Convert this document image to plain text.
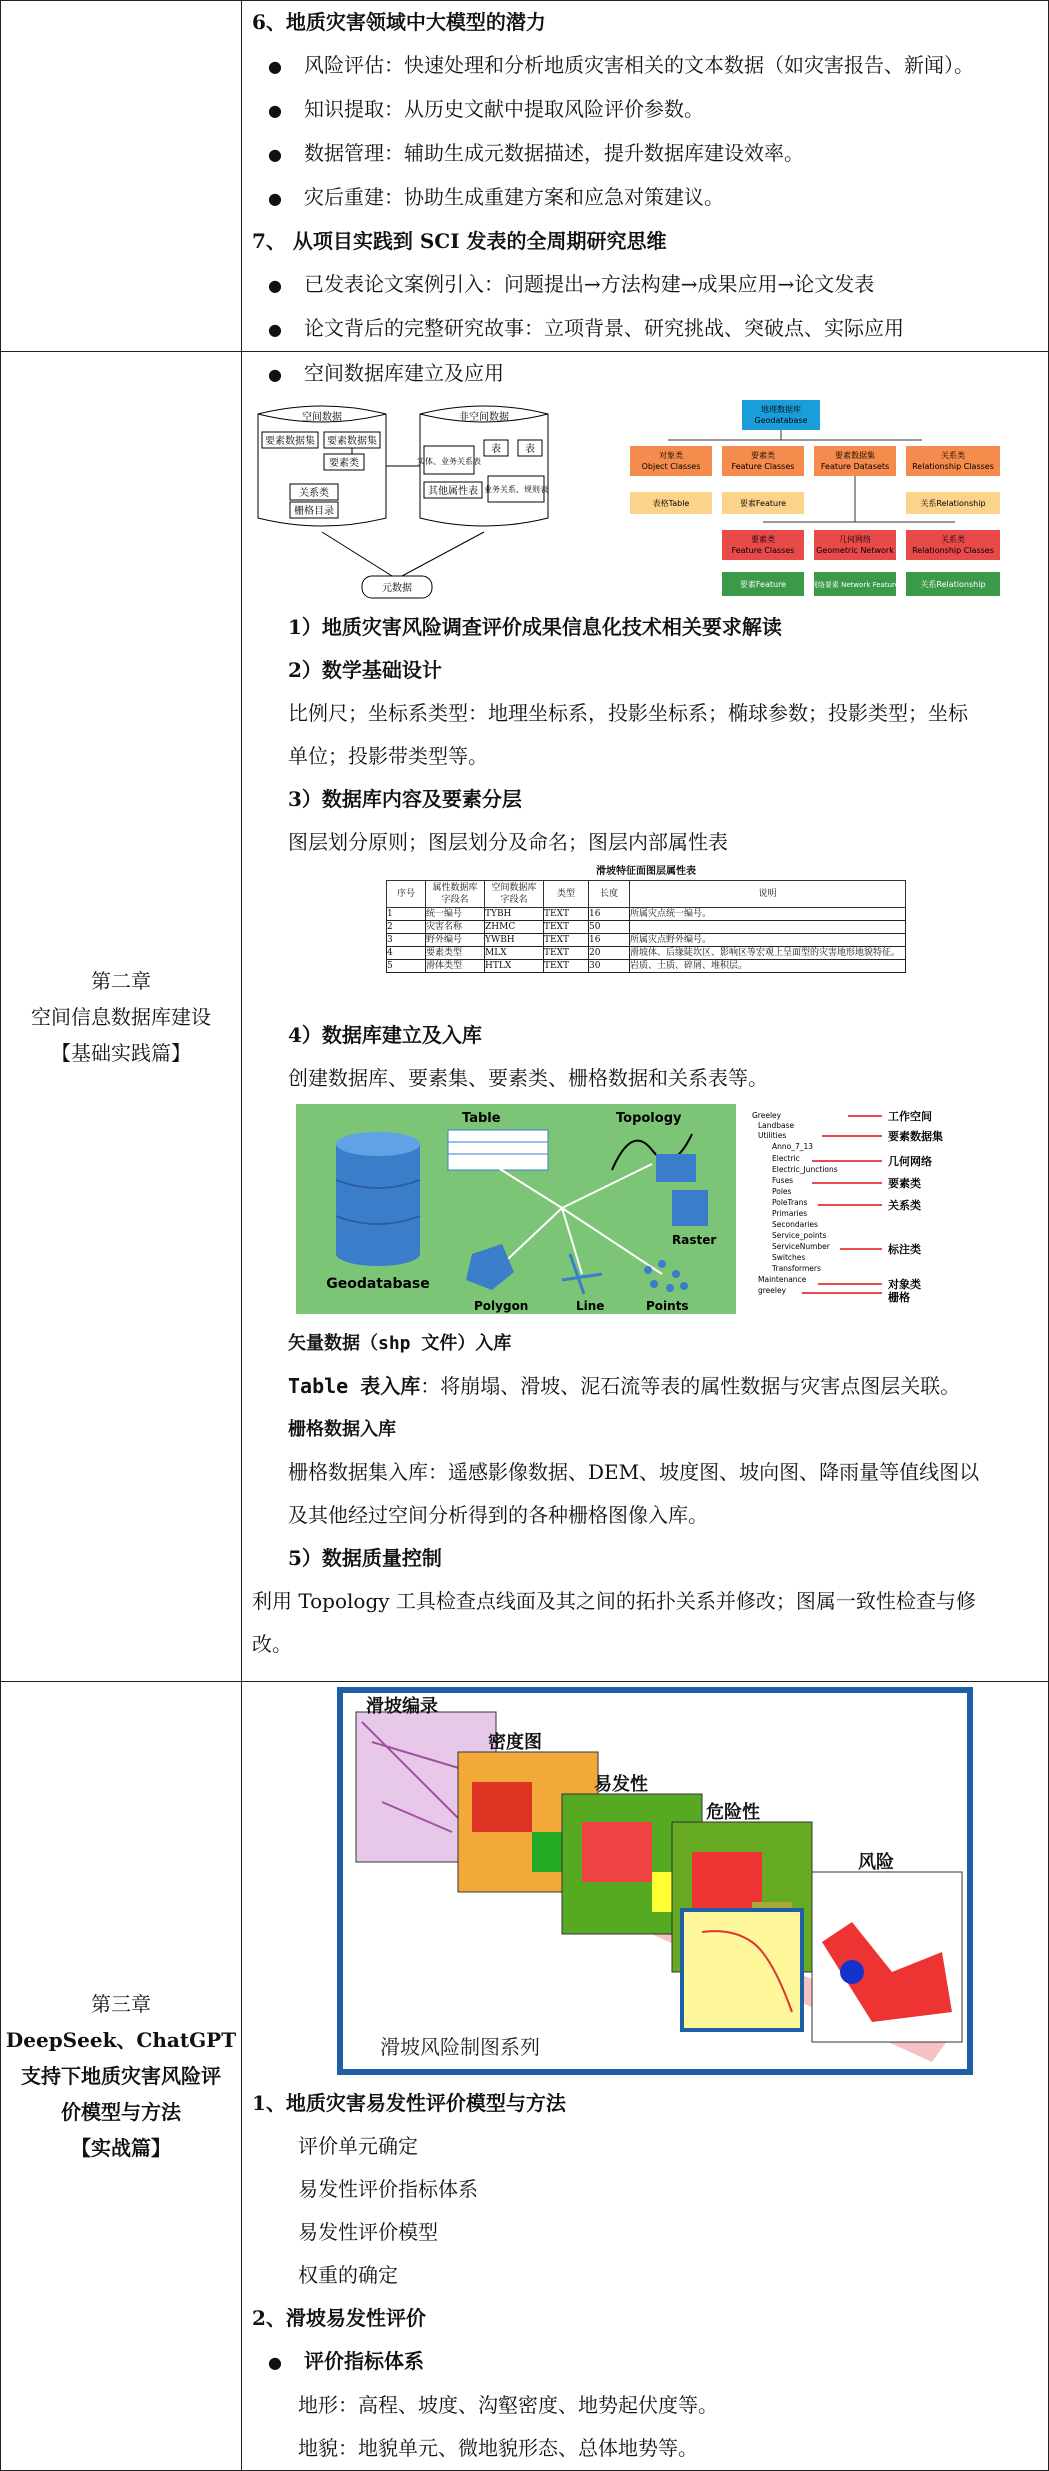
6、地质灾害领域中大模型的潜力
● 风险评估：快速处理和分析地质灾害相关的文本数据（如灾害报告、新闻）。
● 知识提取：从历史文献中提取风险评价参数。
● 数据管理：辅助生成元数据描述，提升数据库建设效率。
● 灾后重建：协助生成重建方案和应急对策建议。
7、 从项目实践到 SCI 发表的全周期研究思维
● 已发表论文案例引入：问题提出→方法构建→成果应用→论文发表
● 论文背后的完整研究故事：立项背景、研究挑战、突破点、实际应用

第二章
空间信息数据库建设
【基础实践篇】

● 空间数据库建立及应用
空间数据
要素数据集 要素数据集
要素类
关系类
栅格目录
非空间数据
实体、业务关系表
表 表
其他属性表 业务关系、规则表
元数据
地理数据库
Geodatabase
对象类
Object Classes
要素类
Feature Classes
要素数据集
Feature Datasets
关系类
Relationship Classes
表格Table	要素Feature	关系Relationship
要素类
Feature Classes
几何网络
Geometric Network
关系类
Relationship Classes
要素Feature	网络要素 Network Feature	关系Relationship
1）地质灾害风险调查评价成果信息化技术相关要求解读
2）数学基础设计
比例尺；坐标系类型：地理坐标系，投影坐标系；椭球参数；投影类型；坐标
单位；投影带类型等。
3）数据库内容及要素分层
图层划分原则；图层划分及命名；图层内部属性表
滑坡特征面图层属性表
序号	属性数据库字段名	空间数据库字段名	类型	长度	说明
1	统一编号	TYBH	TEXT	16	所属灾点统一编号。
2	灾害名称	ZHMC	TEXT	50	
3	野外编号	YWBH	TEXT	16	所属灾点野外编号。
4	要素类型	MLX	TEXT	20	滑坡体、后缘陡坎区、影响区等宏观上呈面型的灾害地形地貌特征。
5	滑体类型	HTLX	TEXT	30	岩质、土质、碎屑、堆积层。
4）数据库建立及入库
创建数据库、要素集、要素类、栅格数据和关系表等。
Geodatabase
Table	Topology
Raster
Polygon	Line	Points
Greeley
Landbase
Utilities
Anno_7_13
Electric
Electric_Junctions
Fuses
Poles
PoleTrans
Primaries
Secondaries
Service_points
ServiceNumber
Switches
Transformers
Maintenance
greeley
工作空间
要素数据集
几何网络
要素类
关系类
标注类
对象类
栅格
矢量数据（shp 文件）入库
Table 表入库：将崩塌、滑坡、泥石流等表的属性数据与灾害点图层关联。
栅格数据入库
栅格数据集入库：遥感影像数据、DEM、坡度图、坡向图、降雨量等值线图以
及其他经过空间分析得到的各种栅格图像入库。
5）数据质量控制
利用 Topology 工具检查点线面及其之间的拓扑关系并修改；图属一致性检查与修
改。

第三章
DeepSeek、ChatGPT
支持下地质灾害风险评
价模型与方法
【实战篇】

滑坡编录
密度图
易发性
危险性
风险
滑坡风险制图系列
1、地质灾害易发性评价模型与方法
评价单元确定
易发性评价指标体系
易发性评价模型
权重的确定
2、滑坡易发性评价
● 评价指标体系
地形：高程、坡度、沟壑密度、地势起伏度等。
地貌：地貌单元、微地貌形态、总体地势等。
